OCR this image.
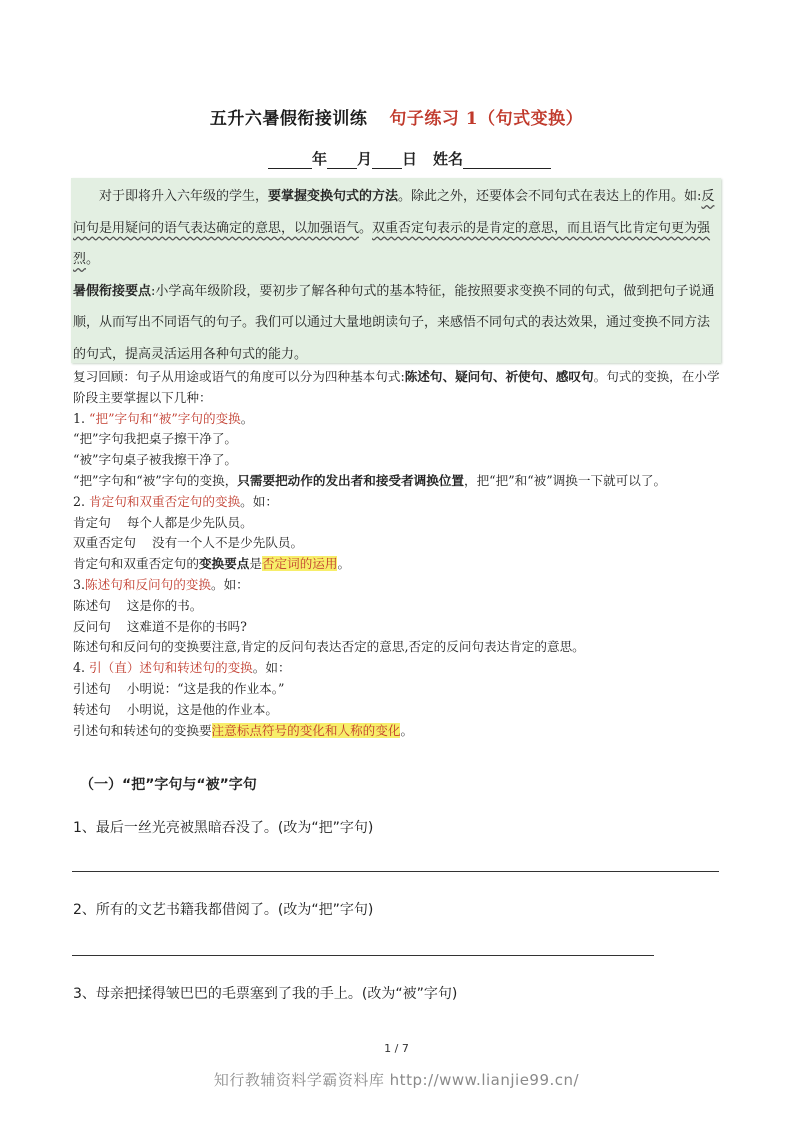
五升六暑假衔接训练 句子练习 1（句式变换）
年 月 日 姓名

对于即将升入六年级的学生，要掌握变换句式的方法。除此之外，还要体会不同句式在表达上的作用。如:反问句是用疑问的语气表达确定的意思，以加强语气。双重否定句表示的是肯定的意思，而且语气比肯定句更为强烈。

暑假衔接要点:小学高年级阶段，要初步了解各种句式的基本特征，能按照要求变换不同的句式，做到把句子说通顺，从而写出不同语气的句子。我们可以通过大量地朗读句子，来感悟不同句式的表达效果，通过变换不同方法的句式，提高灵活运用各种句式的能力。

复习回顾：句子从用途或语气的角度可以分为四种基本句式:陈述句、疑问句、祈使句、感叹句。句式的变换，在小学阶段主要掌握以下几种：

1. “把”字句和“被”字句的变换。

“把”字句我把桌子擦干净了。

“被”字句桌子被我擦干净了。

“把”字句和“被”字句的变换，只需要把动作的发出者和接受者调换位置，把“把”和“被”调换一下就可以了。

2. 肯定句和双重否定句的变换。如：

肯定句    每个人都是少先队员。

双重否定句    没有一个人不是少先队员。

肯定句和双重否定句的变换要点是否定词的运用。

3.陈述句和反问句的变换。如：

陈述句    这是你的书。

反问句    这难道不是你的书吗?

陈述句和反问句的变换要注意,肯定的反问句表达否定的意思,否定的反问句表达肯定的意思。

4. 引（直）述句和转述句的变换。如：

引述句    小明说：“这是我的作业本。”

转述句    小明说，这是他的作业本。

引述句和转述句的变换要注意标点符号的变化和人称的变化。

（一）“把”字句与“被”字句
1、最后一丝光亮被黑暗吞没了。(改为“把”字句)
2、所有的文艺书籍我都借阅了。(改为“把”字句)
3、母亲把揉得皱巴巴的毛票塞到了我的手上。(改为“被”字句)
1 / 7
知行教辅资料学霸资料库 http://www.lianjie99.cn/
